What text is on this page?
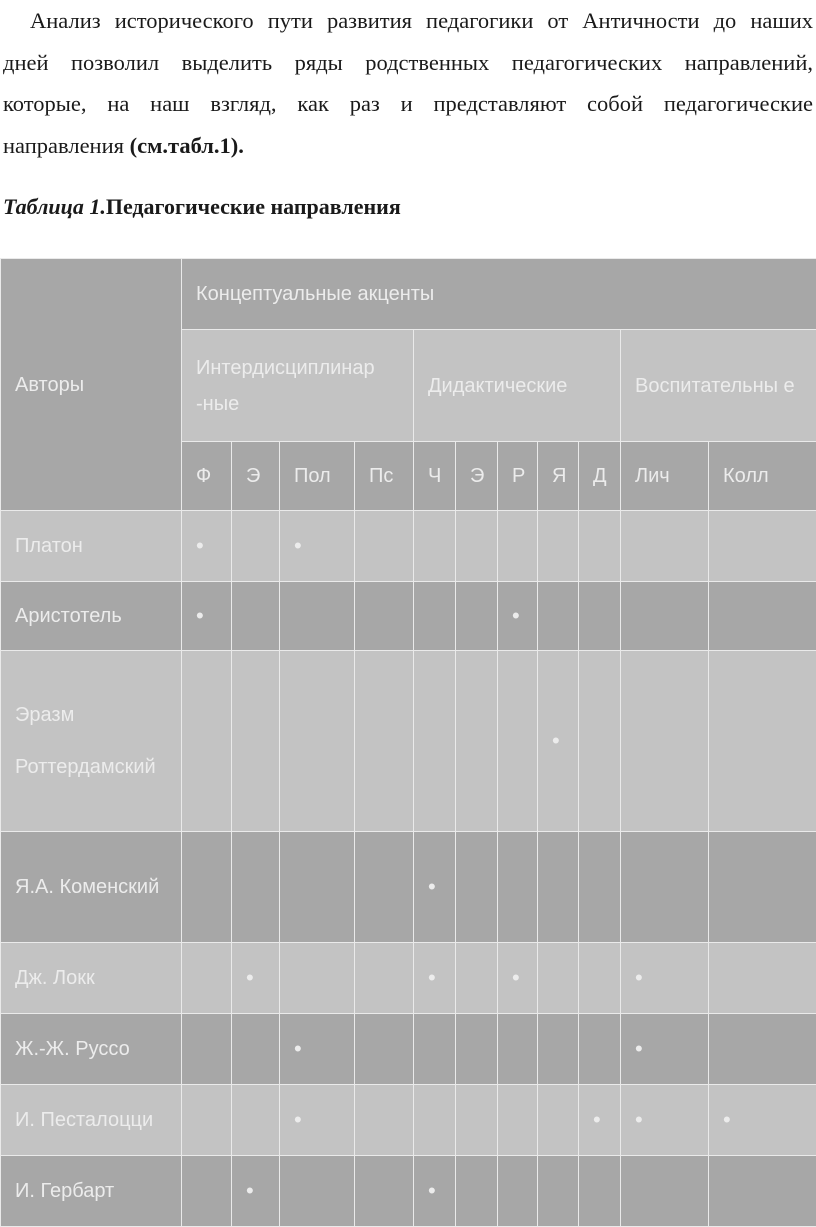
Анализ исторического пути развития педагогики от Античности до наших
дней позволил выделить ряды родственных педагогических направлений,
которые, на наш взгляд, как раз и представляют собой педагогические
направления (см.табл.1).

Таблица 1.Педагогические направления
Авторы	Концептуальные акценты										
	Интердисциплинар -ные				Дидактические					Воспитательны е	
	Ф	Э	Пол	Пс	Ч	Э	Р	Я	Д	Лич	Колл
Платон	•		•								
Аристотель	•						•				
Эразм Роттердамский								•			
Я.А. Коменский					•						
Дж. Локк		•			•		•			•	
Ж.-Ж. Руссо			•							•	
И. Песталоцци			•						•	•	•
И. Гербарт		•			•						
